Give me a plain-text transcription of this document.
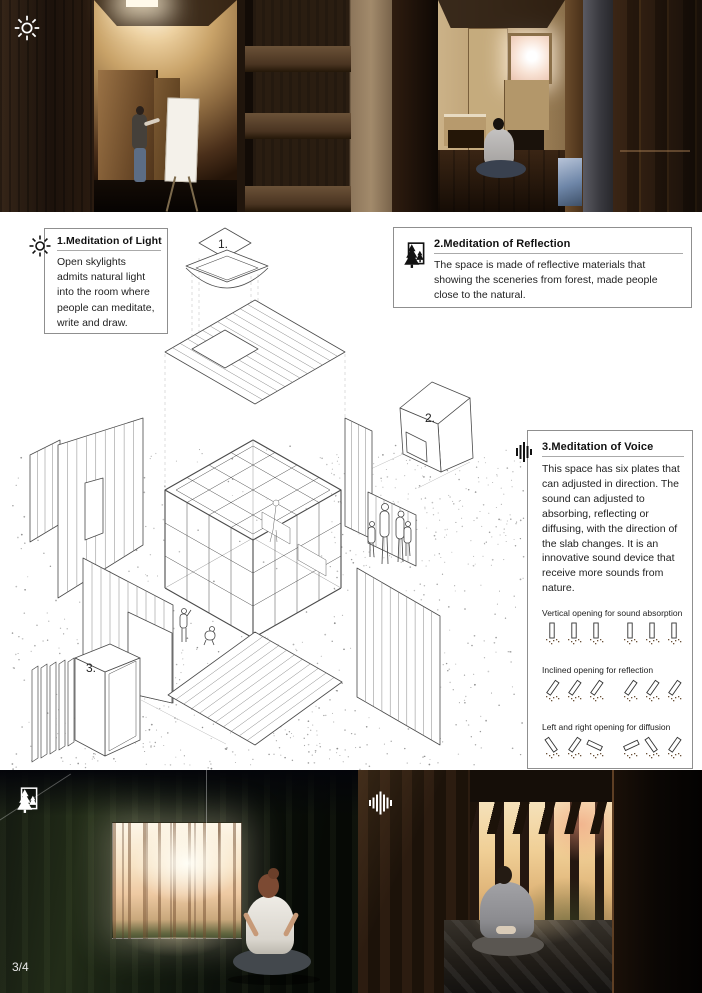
1.
2.
3.
1.Meditation of Light
Open skylights admits natural light into the room where people can meditate, write and draw.
2.Meditation of Reflection
The space is made of reflective materials that showing the sceneries from forest, made people close to the natural.
3.Meditation of Voice
This space has six plates that can adjusted in direction. The sound can adjusted to absorbing, reflecting or diffusing, with the direction of the slab changes. It is an innovative sound device that receive more sounds from nature.
Vertical opening for sound absorption
Inclined opening for reflection
Left and right opening for diffusion
3/4
